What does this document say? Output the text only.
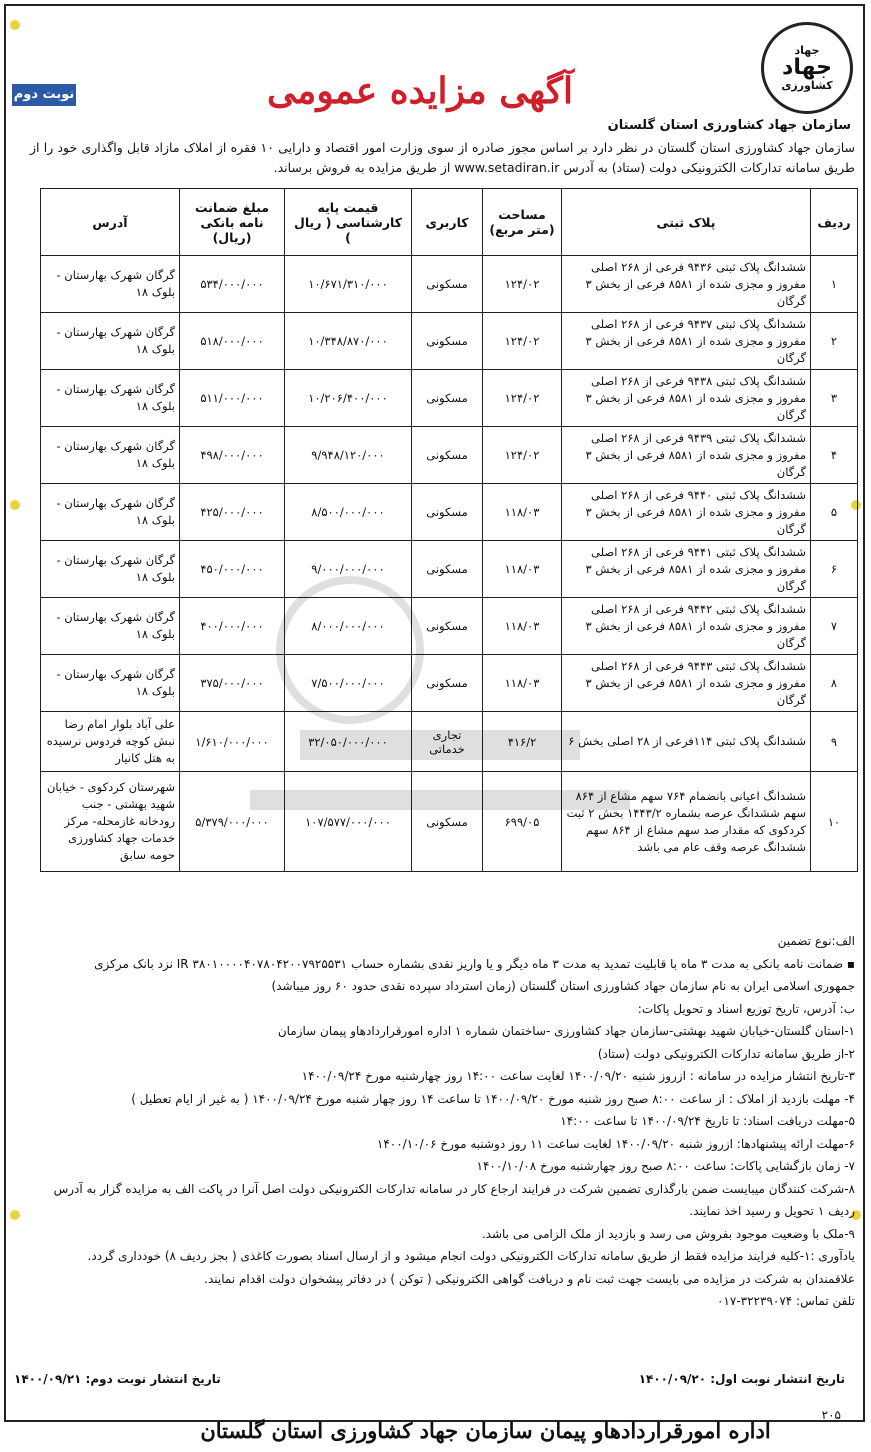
جهاد
جهاد
کشاورزی
سازمان جهاد کشاورزی استان گلستان
آگهی مزایده عمومی
نوبت دوم
سازمان جهاد کشاورزی استان گلستان در نظر دارد بر اساس مجوز صادره از سوی وزارت امور اقتصاد و دارایی ۱۰ فقره از املاک مازاد قابل واگذاری خود را از طریق سامانه تدارکات الکترونیکی دولت (ستاد) به آدرس www.setadiran.ir از طریق مزایده به فروش برساند.
ردیف	پلاک ثبتی	مساحت (متر مربع)	کاربری	قیمت پایه کارشناسی ( ریال )	مبلغ ضمانت نامه بانکی (ریال)	آدرس
۱	ششدانگ پلاک ثبتی ۹۴۳۶ فرعی از ۲۶۸ اصلی مفروز و مجزی شده از ۸۵۸۱ فرعی از بخش ۳ گرگان	۱۲۴/۰۲	مسکونی	۱۰/۶۷۱/۳۱۰/۰۰۰	۵۳۴/۰۰۰/۰۰۰	گرگان شهرک بهارستان - بلوک ۱۸
۲	ششدانگ پلاک ثبتی ۹۴۳۷ فرعی از ۲۶۸ اصلی مفروز و مجزی شده از ۸۵۸۱ فرعی از بخش ۳ گرگان	۱۲۴/۰۲	مسکونی	۱۰/۳۴۸/۸۷۰/۰۰۰	۵۱۸/۰۰۰/۰۰۰	گرگان شهرک بهارستان - بلوک ۱۸
۳	ششدانگ پلاک ثبتی ۹۴۳۸ فرعی از ۲۶۸ اصلی مفروز و مجزی شده از ۸۵۸۱ فرعی از بخش ۳ گرگان	۱۲۴/۰۲	مسکونی	۱۰/۲۰۶/۴۰۰/۰۰۰	۵۱۱/۰۰۰/۰۰۰	گرگان شهرک بهارستان - بلوک ۱۸
۴	ششدانگ پلاک ثبتی ۹۴۳۹ فرعی از ۲۶۸ اصلی مفروز و مجزی شده از ۸۵۸۱ فرعی از بخش ۳ گرگان	۱۲۴/۰۲	مسکونی	۹/۹۴۸/۱۲۰/۰۰۰	۴۹۸/۰۰۰/۰۰۰	گرگان شهرک بهارستان - بلوک ۱۸
۵	ششدانگ پلاک ثبتی ۹۴۴۰ فرعی از ۲۶۸ اصلی مفروز و مجزی شده از ۸۵۸۱ فرعی از بخش ۳ گرگان	۱۱۸/۰۳	مسکونی	۸/۵۰۰/۰۰۰/۰۰۰	۴۲۵/۰۰۰/۰۰۰	گرگان شهرک بهارستان - بلوک ۱۸
۶	ششدانگ پلاک ثبتی ۹۴۴۱ فرعی از ۲۶۸ اصلی مفروز و مجزی شده از ۸۵۸۱ فرعی از بخش ۳ گرگان	۱۱۸/۰۳	مسکونی	۹/۰۰۰/۰۰۰/۰۰۰	۴۵۰/۰۰۰/۰۰۰	گرگان شهرک بهارستان - بلوک ۱۸
۷	ششدانگ پلاک ثبتی ۹۴۴۲ فرعی از ۲۶۸ اصلی مفروز و مجزی شده از ۸۵۸۱ فرعی از بخش ۳ گرگان	۱۱۸/۰۳	مسکونی	۸/۰۰۰/۰۰۰/۰۰۰	۴۰۰/۰۰۰/۰۰۰	گرگان شهرک بهارستان - بلوک ۱۸
۸	ششدانگ پلاک ثبتی ۹۴۴۳ فرعی از ۲۶۸ اصلی مفروز و مجزی شده از ۸۵۸۱ فرعی از بخش ۳ گرگان	۱۱۸/۰۳	مسکونی	۷/۵۰۰/۰۰۰/۰۰۰	۳۷۵/۰۰۰/۰۰۰	گرگان شهرک بهارستان - بلوک ۱۸
۹	ششدانگ پلاک ثبتی ۱۱۴فرعی از ۲۸ اصلی بخش ۶	۴۱۶/۲	تجاری خدماتی	۳۲/۰۵۰/۰۰۰/۰۰۰	۱/۶۱۰/۰۰۰/۰۰۰	علی آباد بلوار امام رضا نبش کوچه فردوس نرسیده به هتل کانیار
۱۰	ششدانگ اعیانی بانضمام ۷۶۴ سهم مشاع از ۸۶۴ سهم ششدانگ عرصه بشماره ۱۴۴۳/۲ بخش ۲ ثبت کردکوی که مقدار صد سهم مشاع از ۸۶۴ سهم ششدانگ عرصه وقف عام می باشد	۶۹۹/۰۵	مسکونی	۱۰۷/۵۷۷/۰۰۰/۰۰۰	۵/۳۷۹/۰۰۰/۰۰۰	شهرستان کردکوی - خیابان شهید بهشتی - جنب رودخانه غازمحله- مرکز خدمات جهاد کشاورزی حومه سابق
الف:نوع تضمین
▪ ضمانت نامه بانکی به مدت ۳ ماه با قابلیت تمدید به مدت ۳ ماه دیگر و یا واریز نقدی بشماره حساب IR ۳۸۰۱۰۰۰۰۴۰۷۸۰۴۲۰۰۷۹۲۵۵۳۱ نزد بانک مرکزی
جمهوری اسلامی ایران به نام سازمان جهاد کشاورزی استان گلستان (زمان استرداد سپرده نقدی حدود ۶۰ روز میباشد)
ب: آدرس، تاریخ توزیع اسناد و تحویل پاکات:
۱-استان گلستان-خیابان شهید بهشتی-سازمان جهاد کشاورزی -ساختمان شماره ۱ اداره امورقراردادهاو پیمان سازمان
۲-از طریق سامانه تدارکات الکترونیکی دولت (ستاد)
۳-تاریخ انتشار مزایده در سامانه : ازروز شنبه ۱۴۰۰/۰۹/۲۰ لغایت ساعت ۱۴:۰۰ روز چهارشنبه مورخ ۱۴۰۰/۰۹/۲۴
۴- مهلت بازدید از املاک : از ساعت ۸:۰۰ صبح روز شنبه مورخ ۱۴۰۰/۰۹/۲۰ تا ساعت ۱۴ روز چهار شنبه مورخ ۱۴۰۰/۰۹/۲۴ ( به غیر از ایام تعطیل )
۵-مهلت دریافت اسناد: تا تاریخ ۱۴۰۰/۰۹/۲۴ تا ساعت ۱۴:۰۰
۶-مهلت ارائه پیشنهادها: ازروز شنبه ۱۴۰۰/۰۹/۲۰ لغایت ساعت ۱۱ روز دوشنبه مورخ ۱۴۰۰/۱۰/۰۶
۷- زمان بازگشایی پاکات: ساعت ۸:۰۰ صبح روز چهارشنبه مورخ ۱۴۰۰/۱۰/۰۸
۸-شرکت کنندگان میبایست ضمن بارگذاری تضمین شرکت در فرایند ارجاع کار در سامانه تدارکات الکترونیکی دولت اصل آنرا در پاکت الف به مزایده گزار به آدرس
ردیف ۱ تحویل و رسید اخذ نمایند.
۹-ملک با وضعیت موجود بفروش می رسد و بازدید از ملک الزامی می باشد.
یادآوری :۱-کلیه فرایند مزایده فقط از طریق سامانه تدارکات الکترونیکی دولت انجام میشود و از ارسال اسناد بصورت کاغذی ( بجز ردیف ۸) خودداری گردد.
علاقمندان به شرکت در مزایده می بایست جهت ثبت نام و دریافت گواهی الکترونیکی ( توکن ) در دفاتر پیشخوان دولت اقدام نمایند.
تلفن تماس: ۳۲۲۳۹۰۷۴-۰۱۷
تاریخ انتشار نوبت اول: ۱۴۰۰/۰۹/۲۰
تاریخ انتشار نوبت دوم: ۱۴۰۰/۰۹/۲۱
۲۰۵
اداره امورقراردادهاو پیمان سازمان جهاد کشاورزی استان گلستان
